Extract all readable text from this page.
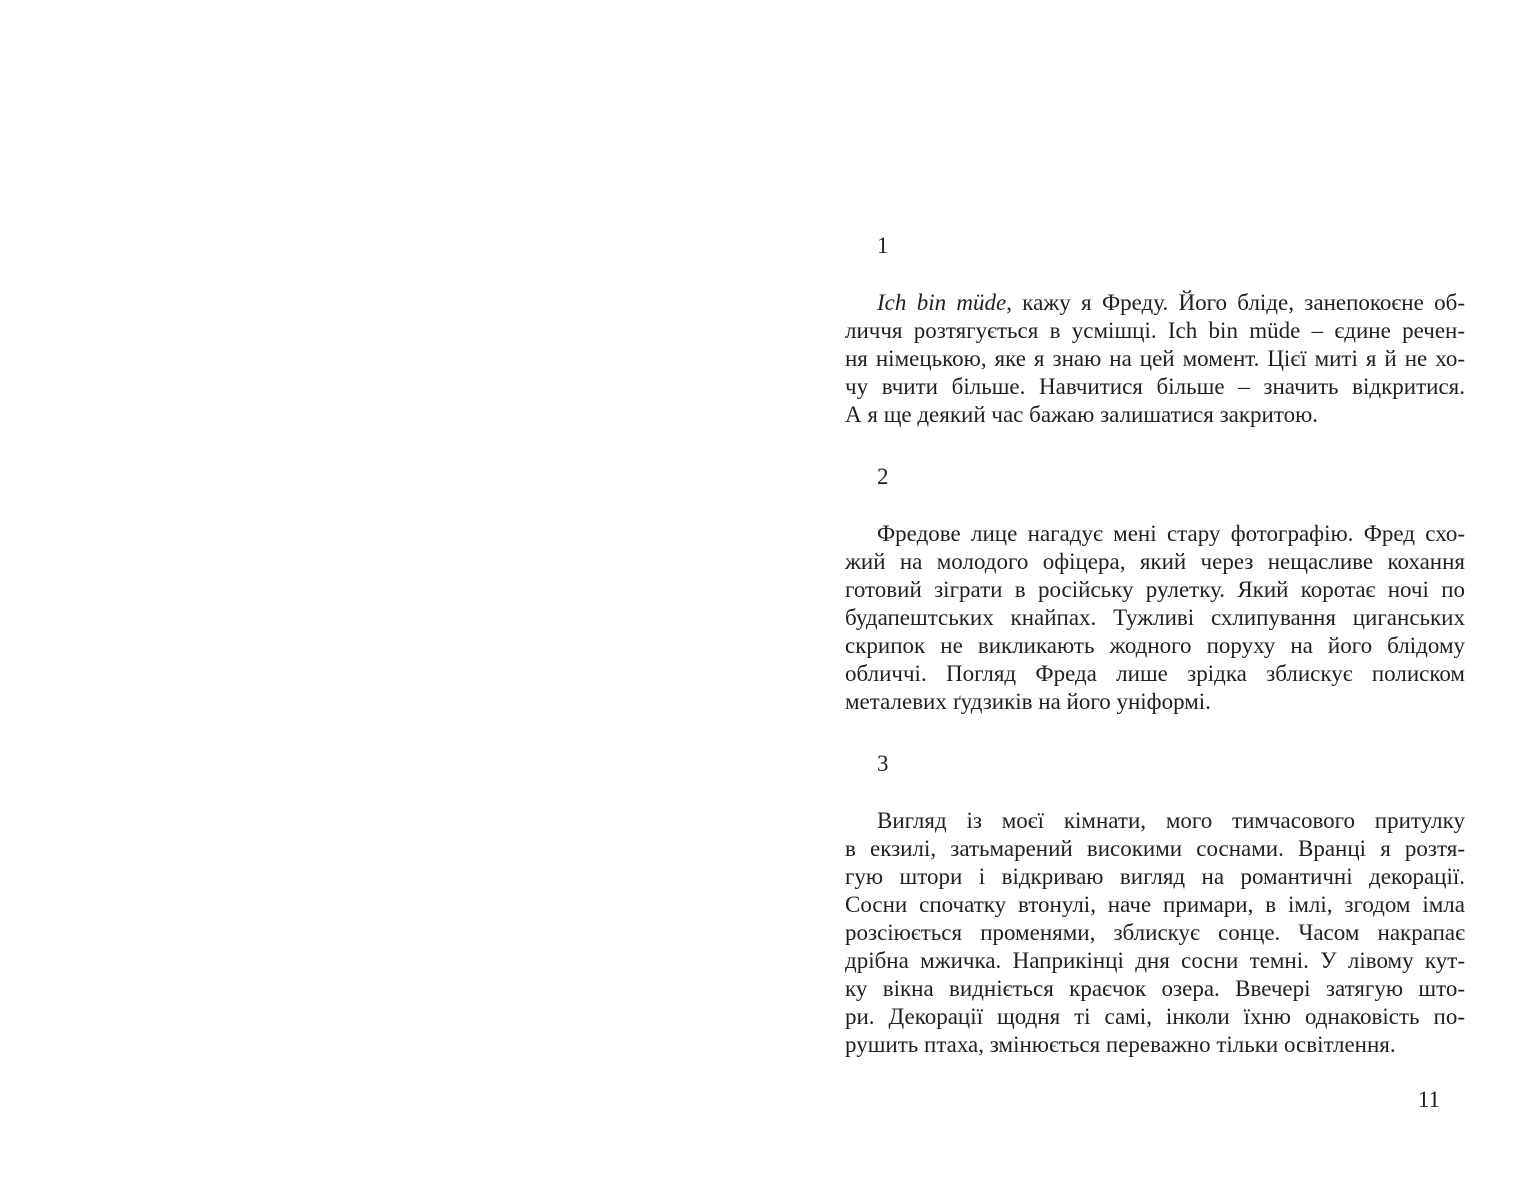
1
Ich bin müde, кажу я Фреду. Його бліде, занепокоєне об-
личчя розтягується в усмішці. Ich bin müde – єдине речен-
ня німецькою, яке я знаю на цей момент. Цієї миті я й не хо-
чу вчити більше. Навчитися більше – значить відкритися.
А я ще деякий час бажаю залишатися закритою.
2
Фредове лице нагадує мені стару фотографію. Фред схо-
жий на молодого офіцера, який через нещасливе кохання
готовий зіграти в російську рулетку. Який коротає ночі по
будапештських кнайпах. Тужливі схлипування циганських
скрипок не викликають жодного поруху на його блідому
обличчі. Погляд Фреда лише зрідка зблискує полиском
металевих ґудзиків на його уніформі.
3
Вигляд із моєї кімнати, мого тимчасового притулку
в екзилі, затьмарений високими соснами. Вранці я розтя-
гую штори і відкриваю вигляд на романтичні декорації.
Сосни спочатку втонулі, наче примари, в імлі, згодом імла
розсіюється променями, зблискує сонце. Часом накрапає
дрібна мжичка. Наприкінці дня сосни темні. У лівому кут-
ку вікна видніється краєчок озера. Ввечері затягую што-
ри. Декорації щодня ті самі, інколи їхню однаковість по-
рушить птаха, змінюється переважно тільки освітлення.
11
